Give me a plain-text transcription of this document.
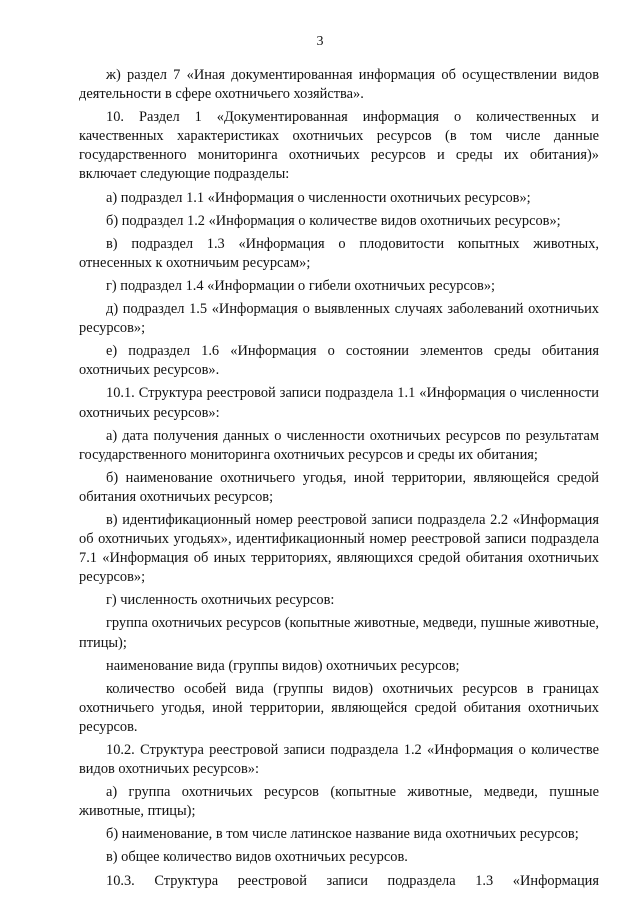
3

ж) раздел 7 «Иная документированная информация об осуществлении видов деятельности в сфере охотничьего хозяйства».

10. Раздел 1 «Документированная информация о количественных и качественных характеристиках охотничьих ресурсов (в том числе данные государственного мониторинга охотничьих ресурсов и среды их обитания)» включает следующие подразделы:

а) подраздел 1.1 «Информация о численности охотничьих ресурсов»;

б) подраздел 1.2 «Информация о количестве видов охотничьих ресурсов»;

в) подраздел 1.3 «Информация о плодовитости копытных животных, отнесенных к охотничьим ресурсам»;

г) подраздел 1.4 «Информации о гибели охотничьих ресурсов»;

д) подраздел 1.5 «Информация о выявленных случаях заболеваний охотничьих ресурсов»;

е) подраздел 1.6 «Информация о состоянии элементов среды обитания охотничьих ресурсов».

10.1. Структура реестровой записи подраздела 1.1 «Информация о численности охотничьих ресурсов»:

а) дата получения данных о численности охотничьих ресурсов по результатам государственного мониторинга охотничьих ресурсов и среды их обитания;

б) наименование охотничьего угодья, иной территории, являющейся средой обитания охотничьих ресурсов;

в) идентификационный номер реестровой записи подраздела 2.2 «Информация об охотничьих угодьях», идентификационный номер реестровой записи подраздела 7.1 «Информация об иных территориях, являющихся средой обитания охотничьих ресурсов»;

г) численность охотничьих ресурсов:

группа охотничьих ресурсов (копытные животные, медведи, пушные животные, птицы);

наименование вида (группы видов) охотничьих ресурсов;

количество особей вида (группы видов) охотничьих ресурсов в границах охотничьего угодья, иной территории, являющейся средой обитания охотничьих ресурсов.

10.2. Структура реестровой записи подраздела 1.2 «Информация о количестве видов охотничьих ресурсов»:

а) группа охотничьих ресурсов (копытные животные, медведи, пушные животные, птицы);

б) наименование, в том числе латинское название вида охотничьих ресурсов;

в) общее количество видов охотничьих ресурсов.

10.3. Структура реестровой записи подраздела 1.3 «Информация
